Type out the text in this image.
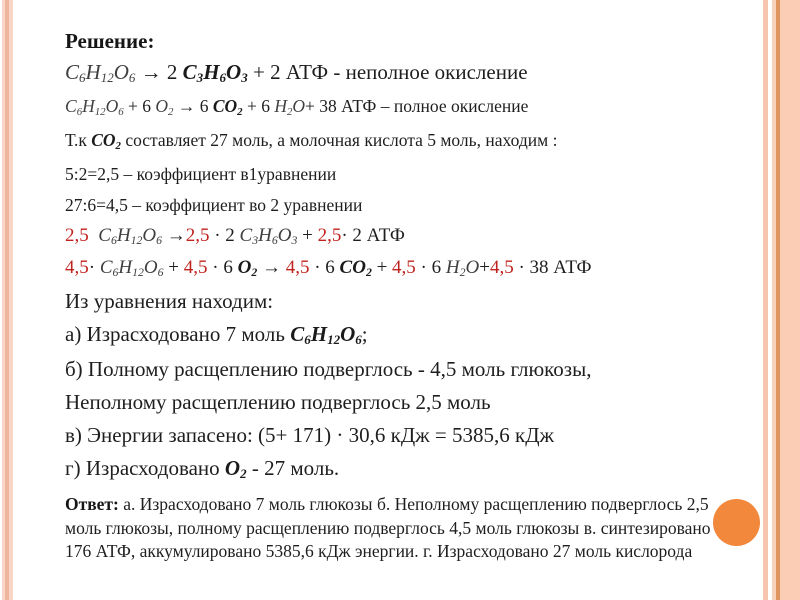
Решение:
C6H12O6 → 2 C3H6O3 + 2 АТФ - неполное окисление
C6H12O6 + 6 O2 → 6 CO2 + 6 H2O+ 38 АТФ – полное окисление
Т.к CO2 составляет 27 моль, а молочная кислота 5 моль, находим :
5:2=2,5 – коэффициент в1уравнении
27:6=4,5 – коэффициент во 2 уравнении
2,5 C6H12O6 →2,5 · 2 C3H6O3 + 2,5· 2 АТФ
4,5· C6H12O6 + 4,5 · 6 O2 → 4,5 · 6 CO2 + 4,5 · 6 H2O+4,5 · 38 АТФ
Из уравнения находим:
а) Израсходовано 7 моль C6H12O6;
б) Полному расщеплению подверглось - 4,5 моль глюкозы,
Неполному расщеплению подверглось 2,5 моль
в) Энергии запасено: (5+ 171) · 30,6 кДж = 5385,6 кДж
г) Израсходовано O2 - 27 моль.
Ответ: а. Израсходовано 7 моль глюкозы б. Неполному расщеплению подверглось 2,5 моль глюкозы, полному расщеплению подверглось 4,5 моль глюкозы в. синтезировано 176 АТФ, аккумулировано 5385,6 кДж энергии. г. Израсходовано 27 моль кислорода
